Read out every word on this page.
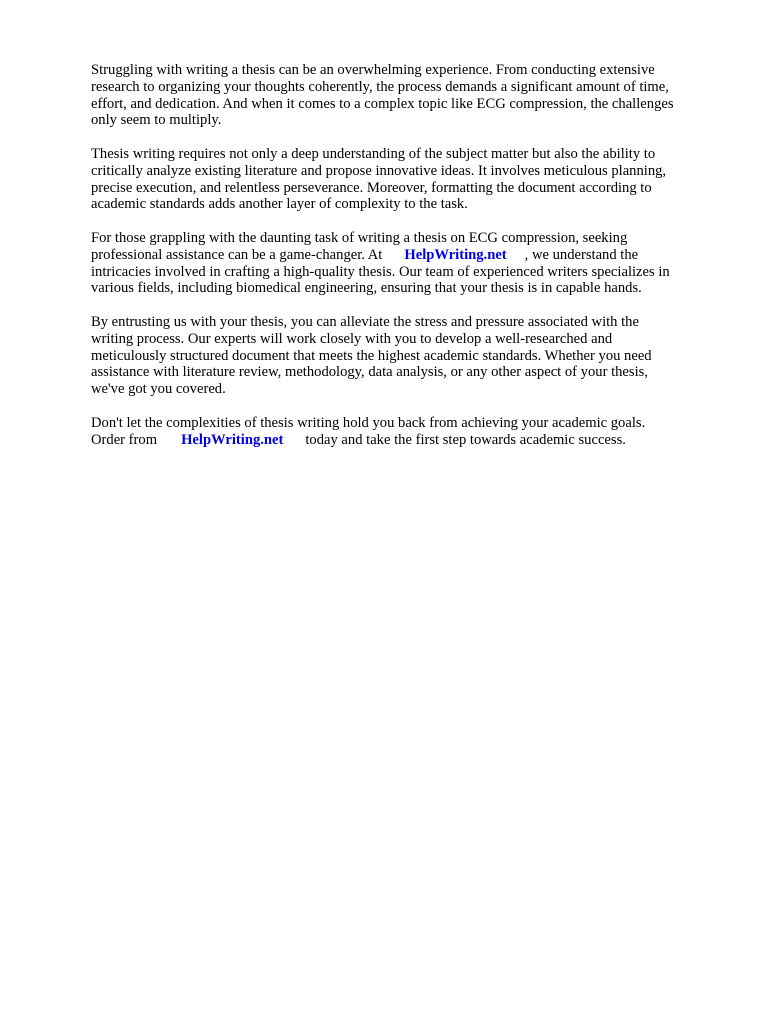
Struggling with writing a thesis can be an overwhelming experience. From conducting extensive
research to organizing your thoughts coherently, the process demands a significant amount of time,
effort, and dedication. And when it comes to a complex topic like ECG compression, the challenges
only seem to multiply.

Thesis writing requires not only a deep understanding of the subject matter but also the ability to
critically analyze existing literature and propose innovative ideas. It involves meticulous planning,
precise execution, and relentless perseverance. Moreover, formatting the document according to
academic standards adds another layer of complexity to the task.

For those grappling with the daunting task of writing a thesis on ECG compression, seeking
professional assistance can be a game-changer. At HelpWriting.net , we understand the
intricacies involved in crafting a high-quality thesis. Our team of experienced writers specializes in
various fields, including biomedical engineering, ensuring that your thesis is in capable hands.

By entrusting us with your thesis, you can alleviate the stress and pressure associated with the
writing process. Our experts will work closely with you to develop a well-researched and
meticulously structured document that meets the highest academic standards. Whether you need
assistance with literature review, methodology, data analysis, or any other aspect of your thesis,
we've got you covered.

Don't let the complexities of thesis writing hold you back from achieving your academic goals.
Order from HelpWriting.net today and take the first step towards academic success.
